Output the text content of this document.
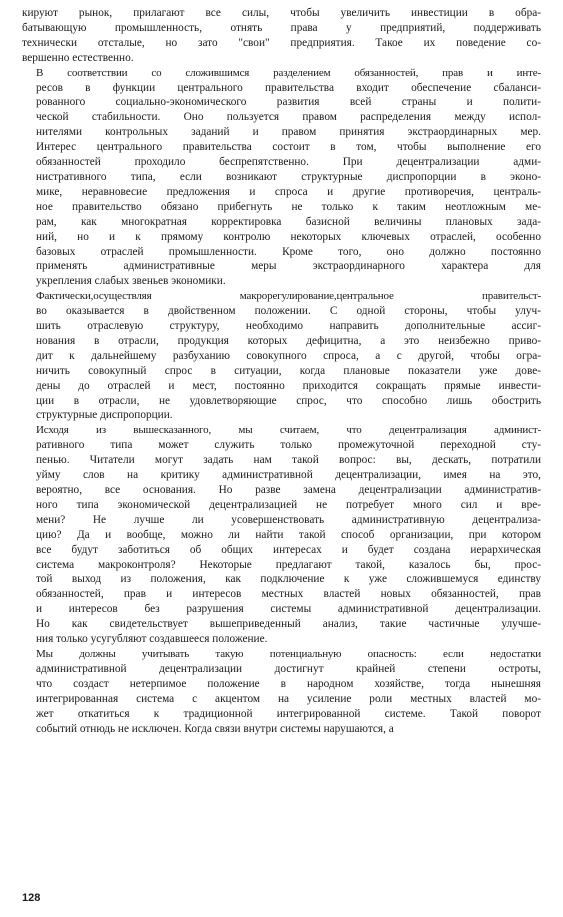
кируют рынок, прилагают все силы, чтобы увеличить инвестиции в обра-
батывающую промышленность, отнять права у предприятий, поддерживать
технически отсталые, но зато "свои" предприятия. Такое их поведение со-
вершенно естественно.

В соответствии со сложившимся разделением обязанностей, прав и инте-
ресов в функции центрального правительства входит обеспечение сбаланси-
рованного социально-экономического развития всей страны и полити-
ческой стабильности. Оно пользуется правом распределения между испол-
нителями контрольных заданий и правом принятия экстраординарных мер.
Интерес центрального правительства состоит в том, чтобы выполнение его
обязанностей проходило беспрепятственно. При децентрализации адми-
нистративного типа, если возникают структурные диспропорции в эконо-
мике, неравновесие предложения и спроса и другие противоречия, централь-
ное правительство обязано прибегнуть не только к таким неотложным ме-
рам, как многократная корректировка базисной величины плановых зада-
ний, но и к прямому контролю некоторых ключевых отраслей, особенно
базовых отраслей промышленности. Кроме того, оно должно постоянно
применять административные меры экстраординарного характера для
укрепления слабых звеньев экономики.

Фактически,осуществляя макрорегулирование,центральное правительст-
во оказывается в двойственном положении. С одной стороны, чтобы улуч-
шить отраслевую структуру, необходимо направить дополнительные ассиг-
нования в отрасли, продукция которых дефицитна, а это неизбежно приво-
дит к дальнейшему разбуханию совокупного спроса, а с другой, чтобы огра-
ничить совокупный спрос в ситуации, когда плановые показатели уже дове-
дены до отраслей и мест, постоянно приходится сокращать прямые инвести-
ции в отрасли, не удовлетворяющие спрос, что способно лишь обострить
структурные диспропорции.

Исходя из вышесказанного, мы считаем, что децентрализация админист-
ративного типа может служить только промежуточной переходной сту-
пенью. Читатели могут задать нам такой вопрос: вы, дескать, потратили
уйму слов на критику административной децентрализации, имея на это,
вероятно, все основания. Но разве замена децентрализации административ-
ного типа экономической децентрализацией не потребует много сил и вре-
мени? Не лучше ли усовершенствовать административную децентрализа-
цию? Да и вообще, можно ли найти такой способ организации, при котором
все будут заботиться об общих интересах и будет создана иерархическая
система макроконтроля? Некоторые предлагают такой, казалось бы, прос-
той выход из положения, как подключение к уже сложившемуся единству
обязанностей, прав и интересов местных властей новых обязанностей, прав
и интересов без разрушения системы административной децентрализации.
Но как свидетельствует вышеприведенный анализ, такие частичные улучше-
ния только усугубляют создавшееся положение.

Мы должны учитывать такую потенциальную опасность: если недостатки
административной децентрализации достигнут крайней степени остроты,
что создаст нетерпимое положение в народном хозяйстве, тогда нынешняя
интегрированная система с акцентом на усиление роли местных властей мо-
жет откатиться к традиционной интегрированной системе. Такой поворот
событий отнюдь не исключен. Когда связи внутри системы нарушаются, а

128
